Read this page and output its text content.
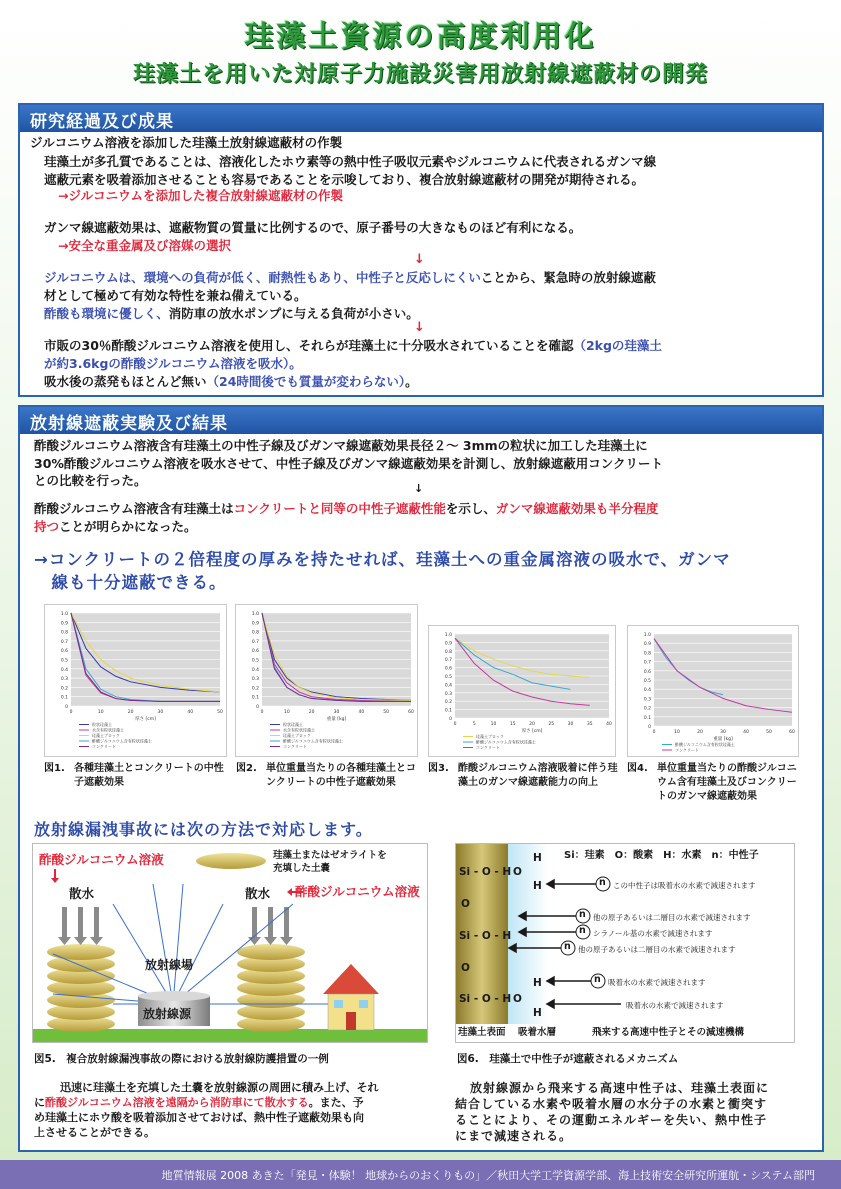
珪藻土資源の高度利用化
珪藻土を用いた対原子力施設災害用放射線遮蔽材の開発
研究経過及び成果
ジルコニウム溶液を添加した珪藻土放射線遮蔽材の作製
珪藻土が多孔質であることは、溶液化したホウ素等の熱中性子吸収元素やジルコニウムに代表されるガンマ線
遮蔽元素を吸着添加させることも容易であることを示唆しており、複合放射線遮蔽材の開発が期待される。
→ジルコニウムを添加した複合放射線遮蔽材の作製
ガンマ線遮蔽効果は、遮蔽物質の質量に比例するので、原子番号の大きなものほど有利になる。
→安全な重金属及び溶媒の選択
↓
ジルコニウムは、環境への負荷が低く、耐熱性もあり、中性子と反応しにくいことから、緊急時の放射線遮蔽
材として極めて有効な特性を兼ね備えている。
酢酸も環境に優しく、消防車の放水ポンプに与える負荷が小さい。
↓
市販の30％酢酸ジルコニウム溶液を使用し、それらが珪藻土に十分吸水されていることを確認（2kgの珪藻土
が約3.6kgの酢酸ジルコニウム溶液を吸水）。
吸水後の蒸発もほとんど無い（24時間後でも質量が変わらない）。
放射線遮蔽実験及び結果
酢酸ジルコニウム溶液含有珪藻土の中性子線及びガンマ線遮蔽効果長径２～ 3mmの粒状に加工した珪藻土に
30%酢酸ジルコニウム溶液を吸水させて、中性子線及びガンマ線遮蔽効果を計測し、放射線遮蔽用コンクリート
との比較を行った。
↓
酢酸ジルコニウム溶液含有珪藻土はコンクリートと同等の中性子遮蔽性能を示し、ガンマ線遮蔽効果も半分程度
持つことが明らかになった。
→コンクリートの２倍程度の厚みを持たせれば、珪藻土への重金属溶液の吸水で、ガンマ
　線も十分遮蔽できる。
0
0.1
0.2
0.3
0.4
0.5
0.6
0.7
0.8
0.9
1.0
0	10	20	30	40	50
厚さ [cm]
粒状珪藻土
水含有粒状珪藻土
珪藻土ブロック
酢酸ジルコニウム含有粒状珪藻土
コンクリート
0
0.1
0.2
0.3
0.4
0.5
0.6
0.7
0.8
0.9
1.0
0	10	20	30	40	50	60
重量 [kg]
粒状珪藻土
水含有粒状珪藻土
珪藻土ブロック
酢酸ジルコニウム含有粒状珪藻土
コンクリート
0
0.1
0.2
0.3
0.4
0.5
0.6
0.7
0.8
0.9
1.0
0	5	10	15	20	25	30	35	40
厚さ [cm]
珪藻土ブロック
酢酸ジルコニウム含有粒状珪藻土
コンクリート
0
0.1
0.2
0.3
0.4
0.5
0.6
0.7
0.8
0.9
1.0
0	10	20	30	40	50	60
重量 [kg]
酢酸ジルコニウム含有粒状珪藻土
コンクリート
図1. 各種珪藻土とコンクリートの中性子遮蔽効果
図2. 単位重量当たりの各種珪藻土とコンクリートの中性子遮蔽効果
図3. 酢酸ジルコニウム溶液吸着に伴う珪藻土のガンマ線遮蔽能力の向上
図4. 単位重量当たりの酢酸ジルコニウム含有珪藻土及びコンクリートのガンマ線遮蔽効果
放射線漏洩事故には次の方法で対応します。
酢酸ジルコニウム溶液
散水	散水 酢酸ジルコニウム溶液
珪藻土またはゼオライトを
充填した土嚢
放射線場
放射線源
図5.　複合放射線漏洩事故の際における放射線防護措置の一例
Si：珪素　O：酸素　H：水素　n：中性子
Si - O - H
O
Si - O - H
O
Si - O - H
O
H
H
O
H
H
n
n
n
n
n
この中性子は吸着水の水素で減速されます
他の原子あるいは二層目の水素で減速されます
シラノール基の水素で減速されます
他の原子あるいは二層目の水素で減速されます
吸着水の水素で減速されます
吸着水の水素で減速されます
珪藻土表面 吸着水層	飛来する高速中性子とその減速機構
図6.　珪藻土で中性子が遮蔽されるメカニズム
迅速に珪藻土を充填した土嚢を放射線源の周囲に積み上げ、それ
に酢酸ジルコニウム溶液を遠隔から消防車にて散水する。また、予
め珪藻土にホウ酸を吸着添加させておけば、熱中性子遮蔽効果も向
上させることができる。
放射線源から飛来する高速中性子は、珪藻土表面に
結合している水素や吸着水層の水分子の水素と衝突す
ることにより、その運動エネルギーを失い、熱中性子
にまで減速される。
地質情報展 2008 あきた「発見・体験！ 地球からのおくりもの」／秋田大学工学資源学部、海上技術安全研究所運航・システム部門
